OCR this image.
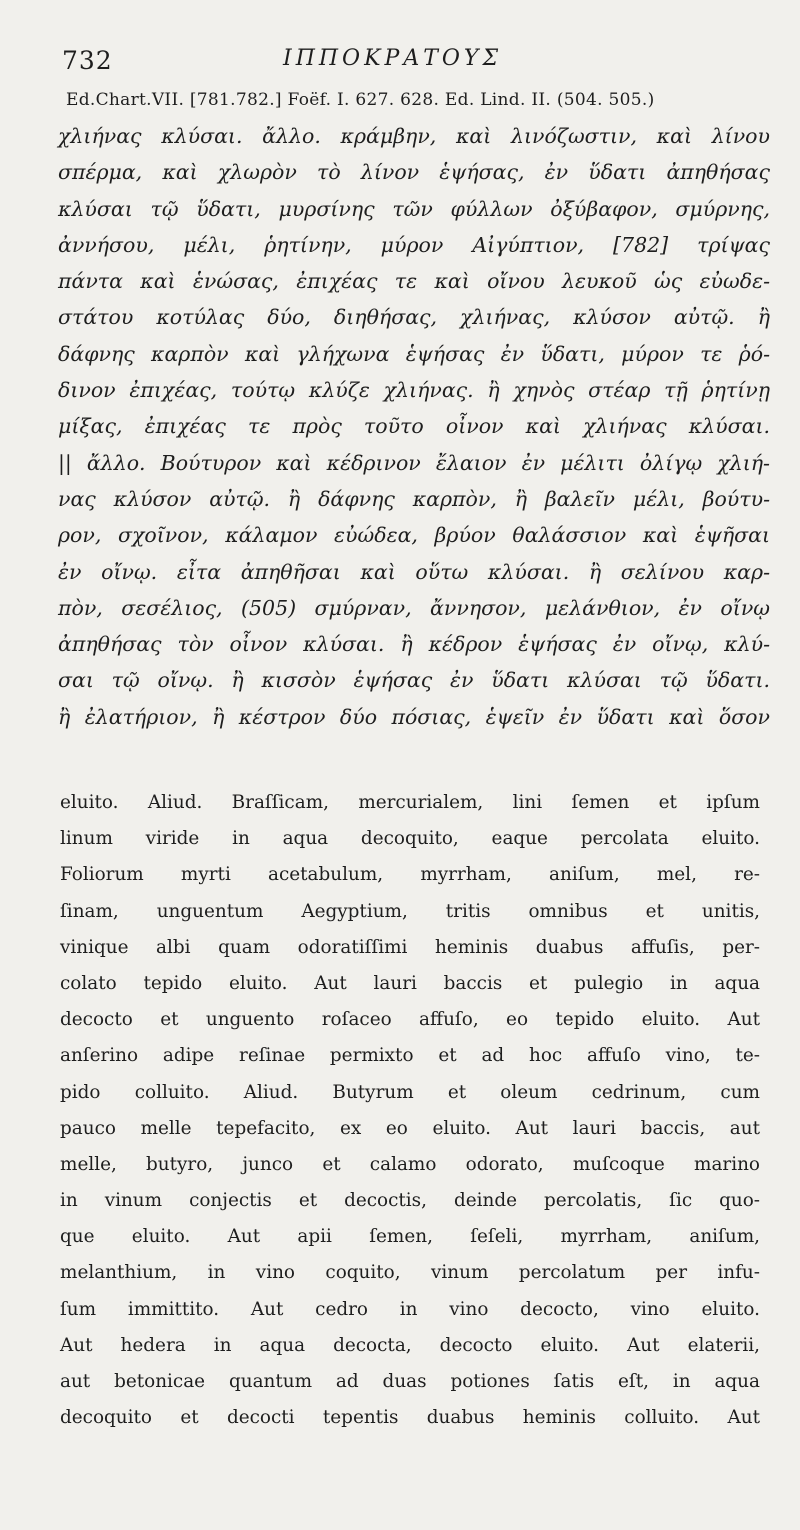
732	ΙΠΠΟΚΡΑΤΟΥΣ
Ed.Chart.VII. [781.782.] Foëf. I. 627. 628. Ed. Lind. II. (504. 505.)
χλιήνας κλύσαι. ἄλλο. κράμβην, καὶ λινόζωστιν, καὶ λίνου
σπέρμα, καὶ χλωρὸν τὸ λίνον ἑψήσας, ἐν ὕδατι ἀπηθήσας
κλύσαι τῷ ὕδατι, μυρσίνης τῶν φύλλων ὀξύβαφον, σμύρνης,
ἀννήσου, μέλι, ῥητίνην, μύρον Αἰγύπτιον, [782] τρίψας
πάντα καὶ ἑνώσας, ἐπιχέας τε καὶ οἴνου λευκοῦ ὡς εὐωδε-
στάτου κοτύλας δύο, διηθήσας, χλιήνας, κλύσον αὐτῷ. ἢ
δάφνης καρπὸν καὶ γλήχωνα ἑψήσας ἐν ὕδατι, μύρον τε ῥό-
δινον ἐπιχέας, τούτῳ κλύζε χλιήνας. ἢ χηνὸς στέαρ τῇ ῥητίνῃ
μίξας, ἐπιχέας τε πρὸς τοῦτο οἶνον καὶ χλιήνας κλύσαι.
|| ἄλλο. Βούτυρον καὶ κέδρινον ἔλαιον ἐν μέλιτι ὀλίγῳ χλιή-
νας κλύσον αὐτῷ. ἢ δάφνης καρπὸν, ἢ βαλεῖν μέλι, βούτυ-
ρον, σχοῖνον, κάλαμον εὐώδεα, βρύον θαλάσσιον καὶ ἑψῆσαι
ἐν οἴνῳ. εἶτα ἀπηθῆσαι καὶ οὕτω κλύσαι. ἢ σελίνου καρ-
πὸν, σεσέλιος, (505) σμύρναν, ἄννησον, μελάνθιον, ἐν οἴνῳ
ἀπηθήσας τὸν οἶνον κλύσαι. ἢ κέδρον ἑψήσας ἐν οἴνῳ, κλύ-
σαι τῷ οἴνῳ. ἢ κισσὸν ἑψήσας ἐν ὕδατι κλύσαι τῷ ὕδατι.
ἢ ἐλατήριον, ἢ κέστρον δύο πόσιας, ἑψεῖν ἐν ὕδατι καὶ ὅσον
eluito. Aliud. Braſſicam, mercurialem, lini ſemen et ipſum
linum viride in aqua decoquito, eaque percolata eluito.
Foliorum myrti acetabulum, myrrham, aniſum, mel, re-
ſinam, unguentum Aegyptium, tritis omnibus et unitis,
vinique albi quam odoratiſſimi heminis duabus affuſis, per-
colato tepido eluito. Aut lauri baccis et pulegio in aqua
decocto et unguento roſaceo affuſo, eo tepido eluito. Aut
anſerino adipe reſinae permixto et ad hoc affuſo vino, te-
pido colluito. Aliud. Butyrum et oleum cedrinum, cum
pauco melle tepefacito, ex eo eluito. Aut lauri baccis, aut
melle, butyro, junco et calamo odorato, muſcoque marino
in vinum conjectis et decoctis, deinde percolatis, ſic quo-
que eluito. Aut apii ſemen, ſeſeli, myrrham, aniſum,
melanthium, in vino coquito, vinum percolatum per infu-
ſum immittito. Aut cedro in vino decocto, vino eluito.
Aut hedera in aqua decocta, decocto eluito. Aut elaterii,
aut betonicae quantum ad duas potiones ſatis eſt, in aqua
decoquito et decocti tepentis duabus heminis colluito. Aut
